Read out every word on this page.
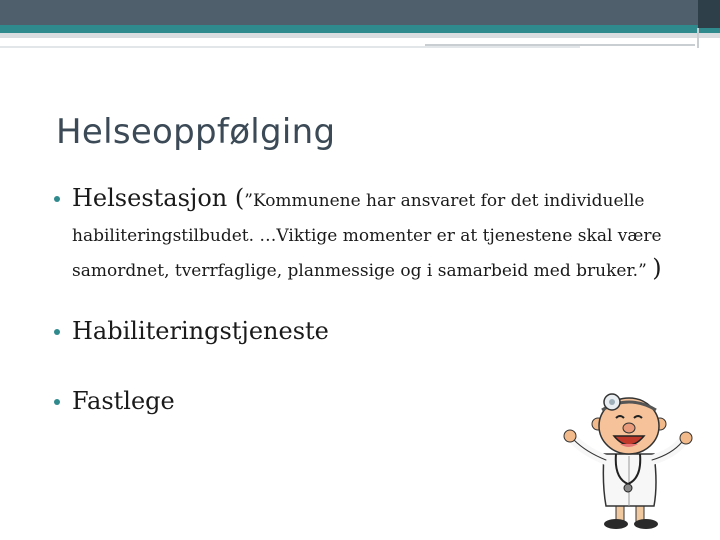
Helseoppfølging
Helsestasjon (”Kommunene har ansvaret for det individuelle habiliteringstilbudet. …Viktige momenter er at tjenestene skal være samordnet, tverrfaglige, planmessige og i samarbeid med bruker.” )
Habiliteringstjeneste
Fastlege
